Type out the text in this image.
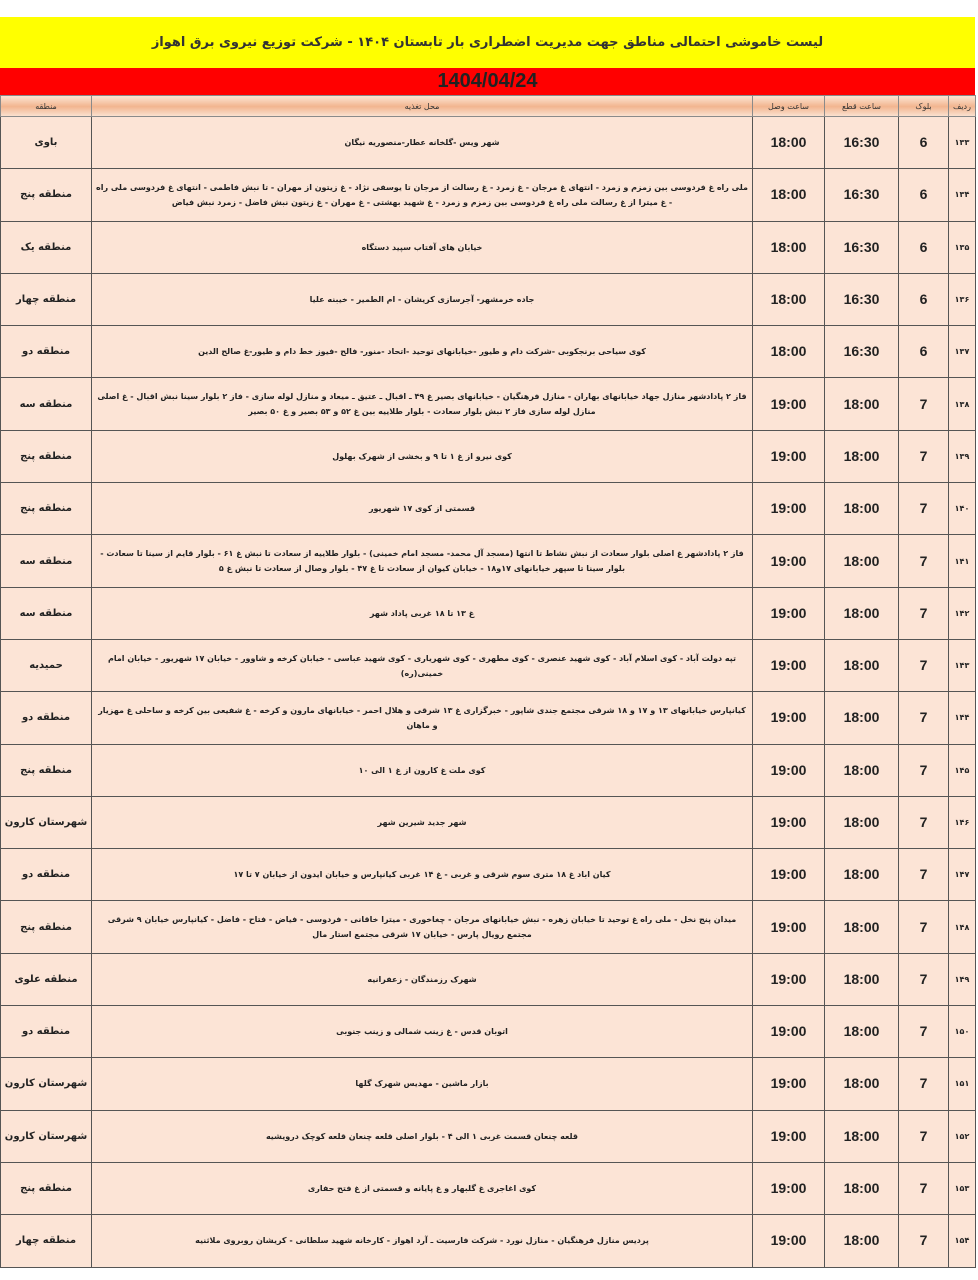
لیست خاموشی احتمالی مناطق جهت مدیریت اضطراری بار تابستان ۱۴۰۴ - شرکت توزیع نیروی برق اهواز
1404/04/24
ردیف	بلوک	ساعت قطع	ساعت وصل	محل تغذیه	منطقه
۱۳۳	6	16:30	18:00	شهر ویس -گلخانه عطار-منصوریه نیگان	باوی
۱۳۴	6	16:30	18:00	ملی راه غ فردوسی بین زمزم و زمرد - انتهای غ مرجان - غ زمرد - غ رسالت از مرجان تا یوسفی نژاد - غ زیتون از مهران - تا نبش فاطمی - انتهای غ فردوسی ملی راه - غ میترا از غ رسالت ملی راه غ فردوسی بین زمزم و زمرد - غ شهید بهشتی - غ مهران - غ زیتون نبش فاضل - زمرد نبش فیاض	منطقه پنج
۱۳۵	6	16:30	18:00	خیابان های آفتاب سپید دستگاه	منطقه یک
۱۳۶	6	16:30	18:00	جاده خرمشهر- آجرسازی کریشان - ام الطمیر - خیبنه علیا	منطقه چهار
۱۳۷	6	16:30	18:00	کوی سیاحی برنجکوبی -شرکت دام و طیور -خیابانهای توحید -اتحاد -منور- فالح -فیوز خط دام و طیور-غ صالح الدین	منطقه دو
۱۳۸	7	18:00	19:00	فاز ۲ پادادشهر منازل جهاد خیابانهای بهاران - منازل فرهنگیان - خیابانهای بصیر غ ۴۹ ـ اقبال ـ عتیق ـ میعاد و منازل لوله سازی - فاز ۲ بلوار سینا نبش اقبال - غ اصلی منازل لوله سازی فاز ۲ نبش بلوار سعادت - بلوار طلاییه بین غ ۵۲ و ۵۳ بصیر و غ ۵۰ بصیر	منطقه سه
۱۳۹	7	18:00	19:00	کوی نیرو از غ ۱ تا ۹ و بخشی از شهرک بهلول	منطقه پنج
۱۴۰	7	18:00	19:00	قسمتی از کوی ۱۷ شهریور	منطقه پنج
۱۴۱	7	18:00	19:00	فاز ۲ پادادشهر غ اصلی بلوار سعادت از نبش نشاط تا انتها (مسجد آل محمد- مسجد امام خمینی) - بلوار طلاییه از سعادت تا نبش غ ۶۱ - بلوار قایم از سینا تا سعادت - بلوار سینا تا سپهر خیابانهای ۱۷و۱۸ - خیابان کیوان از سعادت تا غ ۴۷ - بلوار وصال از سعادت تا نبش غ ۵	منطقه سه
۱۴۲	7	18:00	19:00	غ ۱۳ تا ۱۸ غربی پاداد شهر	منطقه سه
۱۴۳	7	18:00	19:00	تپه دولت آباد - کوی اسلام آباد - کوی شهید عنصری - کوی مطهری - کوی شهریاری - کوی شهید عباسی - خیابان کرخه و شاوور - خیابان ۱۷ شهریور - خیابان امام خمینی(ره)	حمیدیه
۱۴۴	7	18:00	19:00	کیانپارس خیابانهای ۱۳ و ۱۷ و ۱۸ شرقی مجتمع جندی شاپور - خبرگزاری غ ۱۳ شرقی و هلال احمر - خیابانهای مارون و کرخه - غ شفیعی بین کرخه و ساحلی غ مهزیار و ماهان	منطقه دو
۱۴۵	7	18:00	19:00	کوی ملت غ کارون از غ ۱ الی ۱۰	منطقه پنج
۱۴۶	7	18:00	19:00	شهر جدید شیرین شهر	شهرستان کارون
۱۴۷	7	18:00	19:00	کیان اباد غ ۱۸ متری سوم شرقی و غربی - غ ۱۴ غربی کیانپارس و خیابان ایدون از خیابان ۷ تا ۱۷	منطقه دو
۱۴۸	7	18:00	19:00	میدان پنج نخل - ملی راه غ توحید تا خیابان زهره - نبش خیابانهای مرجان - چغاخوری - میترا خاقانی - فردوسی - فیاض - فتاح - فاضل - کیانپارس خیابان ۹ شرقی مجتمع رویال پارس - خیابان ۱۷ شرقی مجتمع استار مال	منطقه پنج
۱۴۹	7	18:00	19:00	شهرک رزمندگان - زعفرانیه	منطقه علوی
۱۵۰	7	18:00	19:00	اتوبان قدس - غ زینب شمالی و زینب جنوبی	منطقه دو
۱۵۱	7	18:00	19:00	بازار ماشین - مهدیس شهرک گلها	شهرستان کارون
۱۵۲	7	18:00	19:00	قلعه چنعان قسمت غربی ۱ الی ۴ - بلوار اصلی قلعه چنعان قلعه کوچک درویشیه	شهرستان کارون
۱۵۳	7	18:00	19:00	کوی اغاجری غ گلبهار و غ پایانه و قسمتی از غ فتح حفاری	منطقه پنج
۱۵۴	7	18:00	19:00	پردیس منازل فرهنگیان - منازل نورد - شرکت فارسیت ـ آرد اهواز - کارخانه شهید سلطانی - کریشان روبروی ملاثنیه	منطقه چهار
